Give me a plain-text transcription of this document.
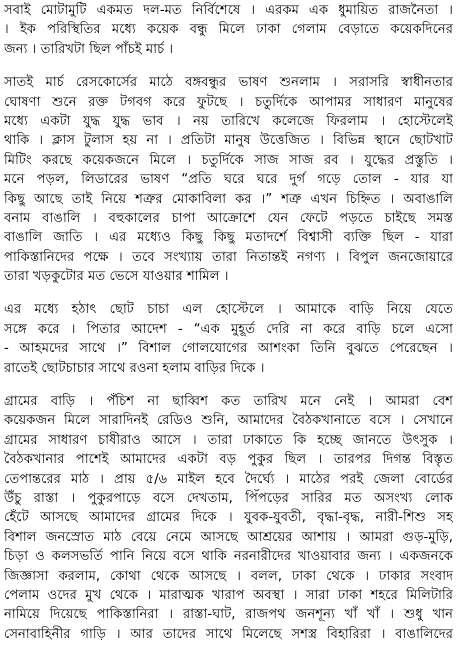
সবাই মোটামুটি একমত দল-মত নির্বিশেষে । এরকম এক ধুমায়িত রাজনৈতা ।
। ইক পরিস্থিতির মধ্যে কয়েক বন্ধু মিলে ঢাকা গেলাম বেড়াতে কয়েকদিনের
জন্য । তারিখটা ছিল পাঁচই মার্চ ।
সাতই মার্চ রেসকোর্সের মাঠে বঙ্গবন্ধুর ভাষণ শুনলাম । সরাসরি স্বাধীনতার
ঘোষণা শুনে রক্ত টগবগ করে ফুটছে । চতুর্দিকে আপামর সাধারণ মানুষের
মধ্যে একটা যুদ্ধ যুদ্ধ ভাব । নয় তারিখে কলেজে ফিরলাম । হোস্টেলেই
থাকি । ক্লাস টুলাস হয় না । প্রতিটা মানুষ উত্তেজিত । বিভিন্ন স্থানে ছোটখাট
মিটিং করছে কয়েকজনে মিলে । চতুর্দিকে সাজ সাজ রব । যুদ্ধের প্রস্তুতি ।
মনে পড়ল, লিডারের ভাষণ “প্রতি ঘরে ঘরে দুর্গ গড়ে তোল - যার যা
কিছু আছে তাই নিয়ে শত্রুর মোকাবিলা কর ।” শত্রু এখন চিহ্নিত । অবাঙালি
বনাম বাঙালি । বহুকালের চাপা আক্রোশে যেন ফেটে পড়তে চাইছে সমস্ত
বাঙালি জাতি । এর মধ্যেও কিছু কিছু মতাদর্শে বিশ্বাসী ব্যক্তি ছিল - যারা
পাকিস্তানিদের পক্ষে । তবে সংখ্যায় তারা নিতান্তই নগণ্য । বিপুল জনজোয়ারে
তারা খড়কুটোর মত ভেসে যাওয়ার শামিল ।
এর মধ্যে হঠাৎ ছোট চাচা এল হোস্টেলে । আমাকে বাড়ি নিয়ে যেতে
সঙ্গে করে । পিতার আদেশ - “এক মুহূর্ত দেরি না করে বাড়ি চলে এসো
- আহমদের সাথে ।” বিশাল গোলযোগের আশংকা তিনি বুঝতে পেরেছেন ।
রাতেই ছোটচাচার সাথে রওনা হলাম বাড়ির দিকে ।
গ্রামের বাড়ি । পঁচিশ না ছাব্বিশ কত তারিখ মনে নেই । আমরা বেশ
কয়েকজন মিলে সারাদিনই রেডিও শুনি, আমাদের বৈঠকখানাতে বসে । সেখানে
গ্রামের সাধারণ চাষীরাও আসে । তারা ঢাকাতে কি হচ্ছে জানতে উৎসুক ।
বৈঠকখানার পাশেই আমাদের একটা বড় পুকুর ছিল । তারপর দিগন্ত বিস্তৃত
তেপান্তরের মাঠ । প্রায় ৫/৬ মাইল হবে দৈর্ঘ্যে । মাঠের পরই জেলা বোর্ডের
উঁচু রাস্তা । পুকুরপাড়ে বসে দেখতাম, পিঁপড়ের সারির মত অসংখ্য লোক
হেঁটে আসছে আমাদের গ্রামের দিকে । যুবক-যুবতী, বৃদ্ধা-বৃদ্ধ, নারী-শিশু সহ
বিশাল জনস্রোত মাঠ বেয়ে নেমে আসছে আশ্রয়ের আশায় । আমরা গুড়-মুড়ি,
চিড়া ও কলসভর্তি পানি নিয়ে বসে থাকি নরনারীদের খাওয়াবার জন্য । একজনকে
জিজ্ঞাসা করলাম, কোথা থেকে আসছে । বলল, ঢাকা থেকে । ঢাকার সংবাদ
পেলাম ওদের মুখ থেকে । মারাত্মক খারাপ অবস্থা । সারা ঢাকা শহরে মিলিটারি
নামিয়ে দিয়েছে পাকিস্তানিরা । রাস্তা-ঘাট, রাজপথ জনশূন্য খাঁ খাঁ । শুধু খান
সেনাবাহিনীর গাড়ি । আর তাদের সাথে মিলেছে সশস্ত্র বিহারিরা । বাঙালিদের
